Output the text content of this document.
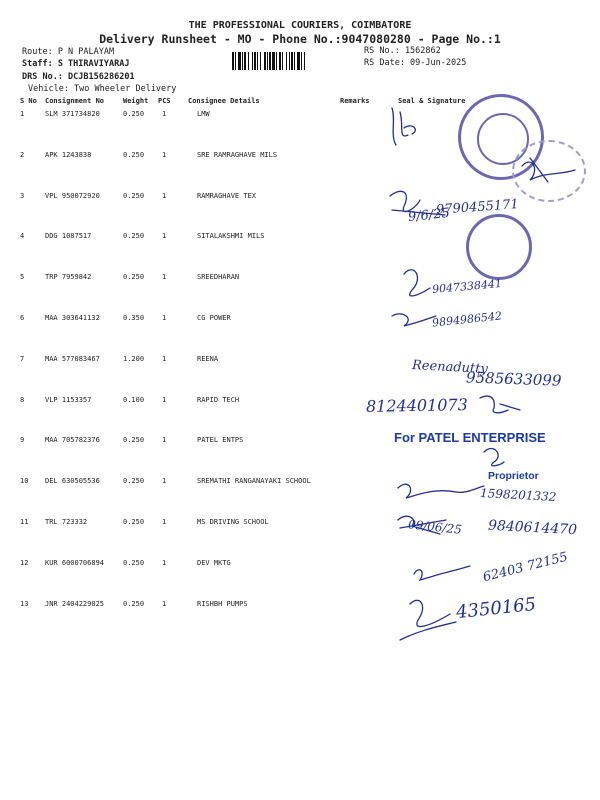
THE PROFESSIONAL COURIERS, COIMBATORE
Delivery Runsheet - MO - Phone No.:9047080280 - Page No.:1
Route: P N PALAYAM
Staff: S THIRAVIYARAJ
DRS No.: DCJB156286201
Vehicle: Two Wheeler Delivery
RS No.: 1562862
RS Date: 09-Jun-2025
S No Consignment No	Weight PCS Consignee Details	Remarks	Seal & Signature
1	SLM 371734820	0.250	1	LMW
2	APK 1243838	0.250	1	SRE RAMRAGHAVE MILS
3	VPL 950072920	0.250	1	RAMRAGHAVE TEX
4	DDG 1087517	0.250	1	SITALAKSHMI MILS
5	TRP 7959842	0.250	1	SREEDHARAN
6	MAA 303641132	0.350	1	CG POWER
7	MAA 577083467	1.200	1	REENA
8	VLP 1153357	0.100	1	RAPID TECH
9	MAA 705782376	0.250	1	PATEL ENTPS
10 DEL 630505536	0.250	1	SREMATHI RANGANAYAKI SCHOOL
11 TRL 723332	0.250	1	MS DRIVING SCHOOL
12 KUR 6000706894	0.250	1	DEV MKTG
13 JNR 2404229025	0.250	1	RISHBH PUMPS
For PATEL ENTERPRISE
Proprietor
9790455171
9/6/25
9047338441
9894986542
Reenadutty
9585633099
8124401073
1598201332
09/06/25 9840614470
62403 72155
4350165
